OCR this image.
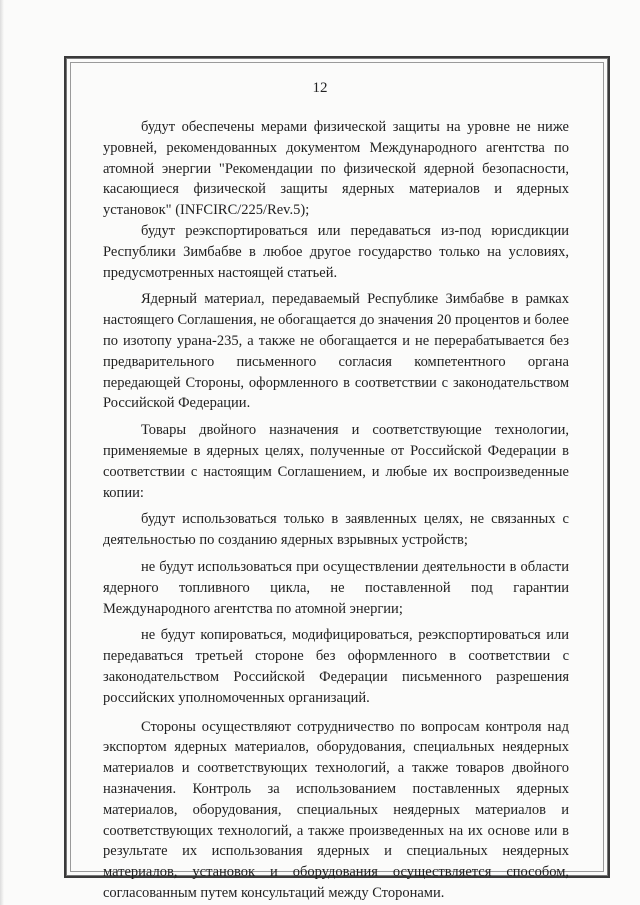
12

будут обеспечены мерами физической защиты на уровне не ниже уровней, рекомендованных документом Международного агентства по атомной энергии "Рекомендации по физической ядерной безопасности, касающиеся физической защиты ядерных материалов и ядерных установок" (INFCIRC/225/Rev.5);

будут реэкспортироваться или передаваться из-под юрисдикции Республики Зимбабве в любое другое государство только на условиях, предусмотренных настоящей статьей.

Ядерный материал, передаваемый Республике Зимбабве в рамках настоящего Соглашения, не обогащается до значения 20 процентов и более по изотопу урана-235, а также не обогащается и не перерабатывается без предварительного письменного согласия компетентного органа передающей Стороны, оформленного в соответствии с законодательством Российской Федерации.

Товары двойного назначения и соответствующие технологии, применяемые в ядерных целях, полученные от Российской Федерации в соответствии с настоящим Соглашением, и любые их воспроизведенные копии:

будут использоваться только в заявленных целях, не связанных с деятельностью по созданию ядерных взрывных устройств;

не будут использоваться при осуществлении деятельности в области ядерного топливного цикла, не поставленной под гарантии Международного агентства по атомной энергии;

не будут копироваться, модифицироваться, реэкспортироваться или передаваться третьей стороне без оформленного в соответствии с законодательством Российской Федерации письменного разрешения российских уполномоченных организаций.

Стороны осуществляют сотрудничество по вопросам контроля над экспортом ядерных материалов, оборудования, специальных неядерных материалов и соответствующих технологий, а также товаров двойного назначения. Контроль за использованием поставленных ядерных материалов, оборудования, специальных неядерных материалов и соответствующих технологий, а также произведенных на их основе или в результате их использования ядерных и специальных неядерных материалов, установок и оборудования осуществляется способом, согласованным путем консультаций между Сторонами.
